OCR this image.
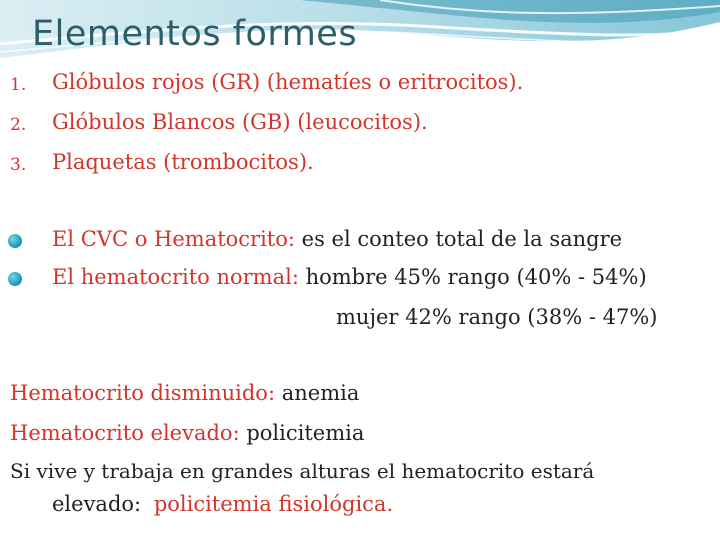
Elementos formes
1. Glóbulos rojos (GR) (hematíes o eritrocitos).
2. Glóbulos Blancos (GB) (leucocitos).
3. Plaquetas (trombocitos).
El CVC o Hematocrito: es el conteo total de la sangre
El hematocrito normal: hombre 45% rango (40% - 54%)
mujer 42% rango (38% - 47%)
Hematocrito disminuido: anemia
Hematocrito elevado: policitemia
Si vive y trabaja en grandes alturas el hematocrito estará
elevado: policitemia fisiológica.
